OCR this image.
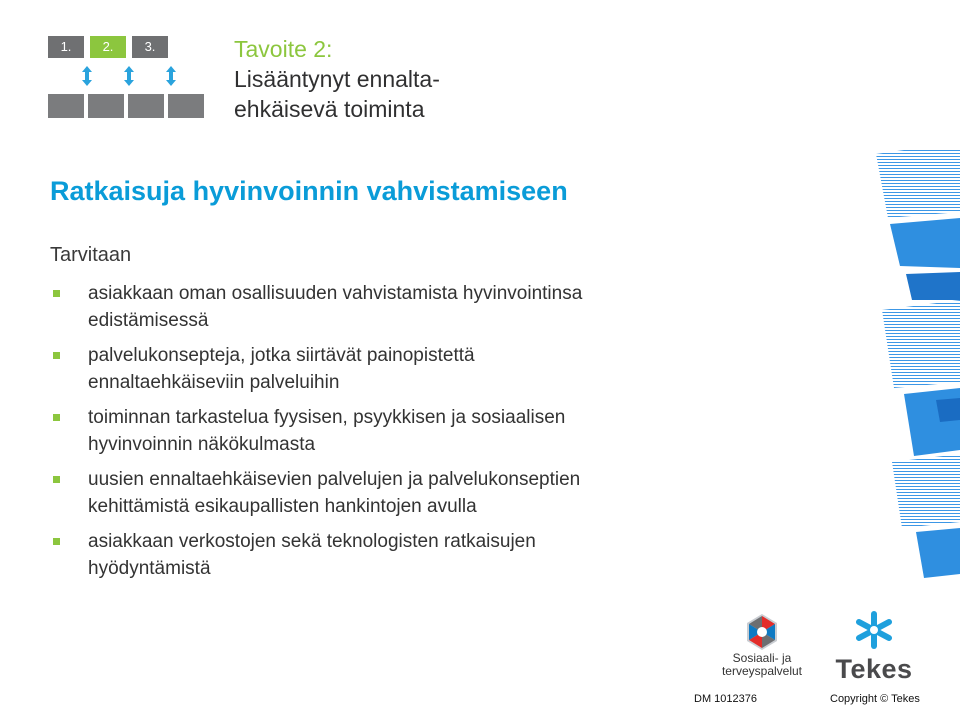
1.	2.	3.	Tavoite 2:
Lisääntynyt ennalta-
ehkäisevä toiminta
Ratkaisuja hyvinvoinnin vahvistamiseen
Tarvitaan
asiakkaan oman osallisuuden vahvistamista hyvinvointinsa
edistämisessä
palvelukonsepteja, jotka siirtävät painopistettä
ennaltaehkäiseviin palveluihin
toiminnan tarkastelua fyysisen, psyykkisen ja sosiaalisen
hyvinvoinnin näkökulmasta
uusien ennaltaehkäisevien palvelujen ja palvelukonseptien
kehittämistä esikaupallisten hankintojen avulla
asiakkaan verkostojen sekä teknologisten ratkaisujen
hyödyntämistä
Sosiaali- ja
terveyspalvelut	Tekes
DM 1012376	Copyright © Tekes
